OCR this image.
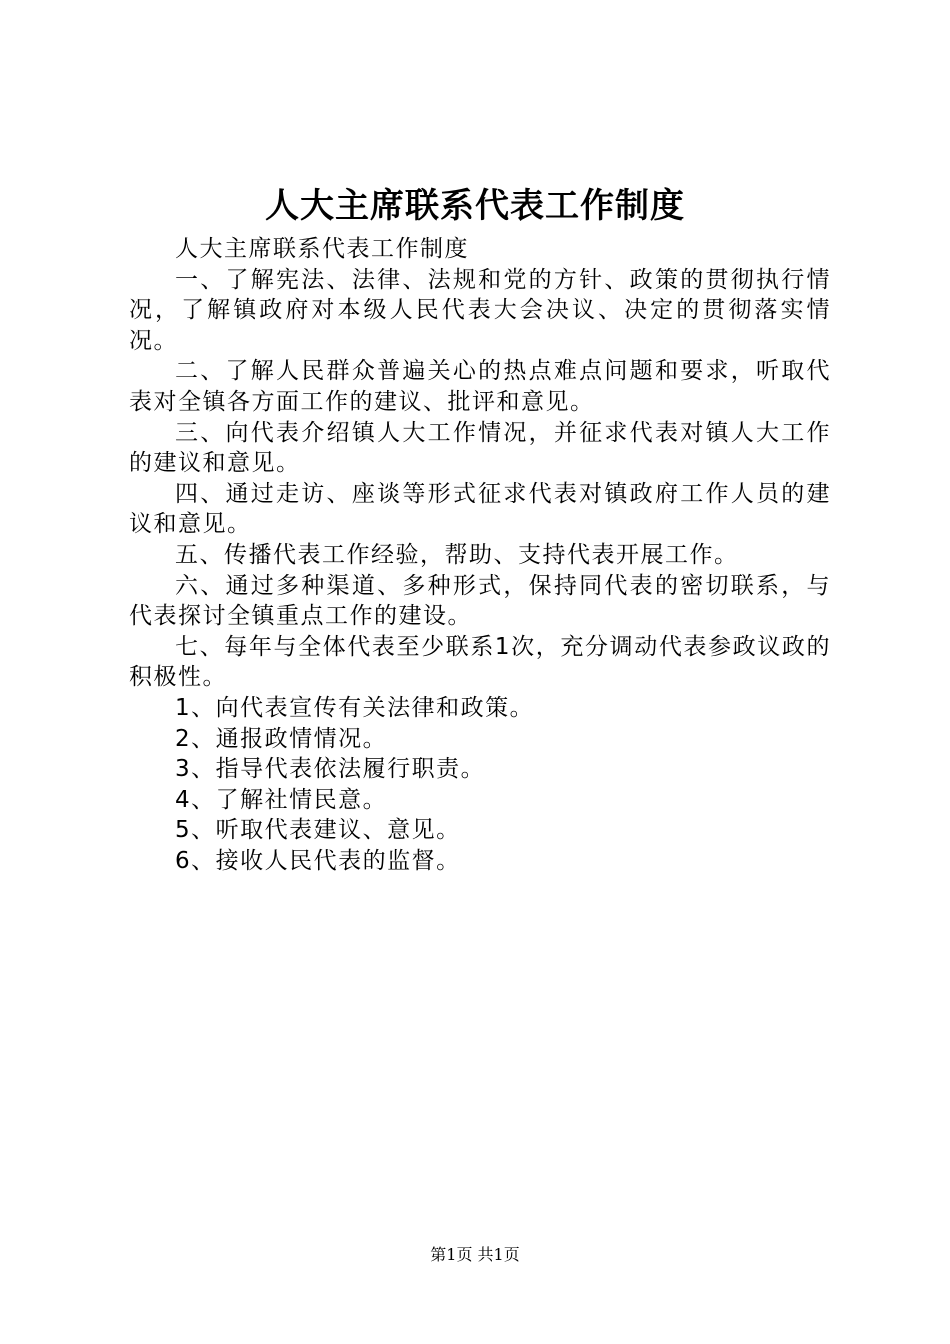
人大主席联系代表工作制度

人大主席联系代表工作制度

一、了解宪法、法律、法规和党的方针、政策的贯彻执行情况，了解镇政府对本级人民代表大会决议、决定的贯彻落实情况。

二、了解人民群众普遍关心的热点难点问题和要求，听取代表对全镇各方面工作的建议、批评和意见。

三、向代表介绍镇人大工作情况，并征求代表对镇人大工作的建议和意见。

四、通过走访、座谈等形式征求代表对镇政府工作人员的建议和意见。

五、传播代表工作经验，帮助、支持代表开展工作。

六、通过多种渠道、多种形式，保持同代表的密切联系，与代表探讨全镇重点工作的建设。

七、每年与全体代表至少联系1次，充分调动代表参政议政的积极性。

1、向代表宣传有关法律和政策。

2、通报政情情况。

3、指导代表依法履行职责。

4、了解社情民意。

5、听取代表建议、意见。

6、接收人民代表的监督。

第1页 共1页
